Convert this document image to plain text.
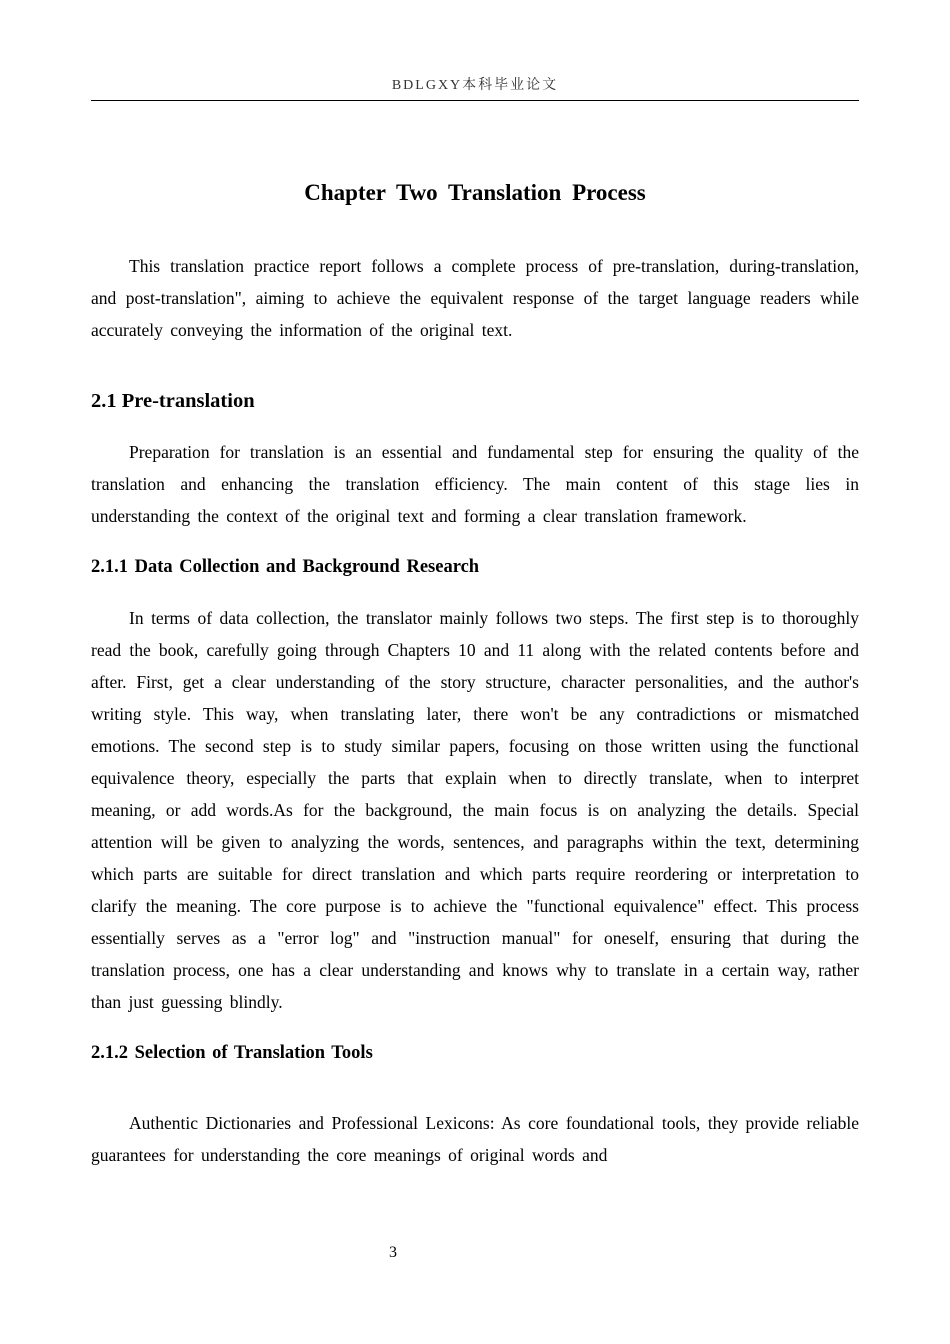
BDLGXY本科毕业论文
Chapter Two Translation Process

This translation practice report follows a complete process of pre-translation, during-translation, and post-translation", aiming to achieve the equivalent response of the target language readers while accurately conveying the information of the original text.

2.1 Pre-translation

Preparation for translation is an essential and fundamental step for ensuring the quality of the translation and enhancing the translation efficiency. The main content of this stage lies in understanding the context of the original text and forming a clear translation framework.

2.1.1 Data Collection and Background Research

In terms of data collection, the translator mainly follows two steps. The first step is to thoroughly read the book, carefully going through Chapters 10 and 11 along with the related contents before and after. First, get a clear understanding of the story structure, character personalities, and the author's writing style. This way, when translating later, there won't be any contradictions or mismatched emotions. The second step is to study similar papers, focusing on those written using the functional equivalence theory, especially the parts that explain when to directly translate, when to interpret meaning, or add words.As for the background, the main focus is on analyzing the details. Special attention will be given to analyzing the words, sentences, and paragraphs within the text, determining which parts are suitable for direct translation and which parts require reordering or interpretation to clarify the meaning. The core purpose is to achieve the "functional equivalence" effect. This process essentially serves as a "error log" and "instruction manual" for oneself, ensuring that during the translation process, one has a clear understanding and knows why to translate in a certain way, rather than just guessing blindly.

2.1.2 Selection of Translation Tools

Authentic Dictionaries and Professional Lexicons: As core foundational tools, they provide reliable guarantees for understanding the core meanings of original words and

3
